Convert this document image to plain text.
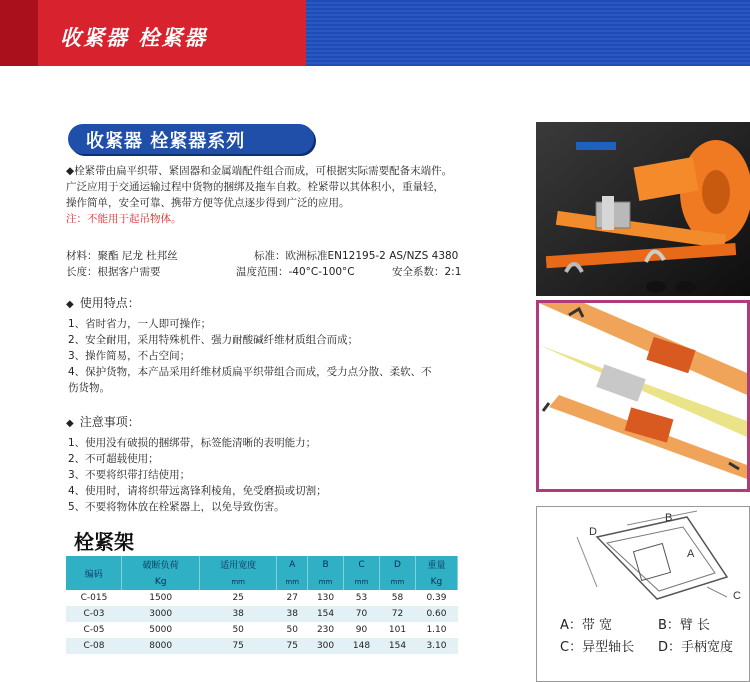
收紧器 栓紧器
收紧器 栓紧器系列
◆栓紧带由扁平织带、紧固器和金属端配件组合而成，可根据实际需要配备末端件。
广泛应用于交通运输过程中货物的捆绑及拖车自救。栓紧带以其体积小，重量轻，
操作简单，安全可靠、携带方便等优点逐步得到广泛的应用。
注：不能用于起吊物体。
材料：聚酯 尼龙 杜邦丝	标准：欧洲标准EN12195-2 AS/NZS 4380
长度：根据客户需要	温度范围：-40°C-100°C	安全系数：2:1
◆ 使用特点：
1、省时省力，一人即可操作；
2、安全耐用，采用特殊机件、强力耐酸碱纤维材质组合而成；
3、操作简易，不占空间；
4、保护货物，本产品采用纤维材质扁平织带组合而成，受力点分散、柔软、不
伤货物。
◆ 注意事项：
1、使用没有破损的捆绑带，标签能清晰的表明能力；
2、不可超载使用；
3、不要将织带打结使用；
4、使用时，请将织带远离锋利棱角，免受磨损或切割；
5、不要将物体放在栓紧器上，以免导致伤害。
栓紧架
编码	破断负荷	适用宽度	A	B	C	D	重量
	Kg	mm	mm	mm	mm	mm	Kg
C-015	1500	25	27	130	53	58	0.39
C-03	3000	38	38	154	70	72	0.60
C-05	5000	50	50	230	90	101	1.10
C-08	8000	75	75	300	148	154	3.10
D
B
A
C
A：带 宽	B：臂 长
C：异型轴长 D：手柄宽度
